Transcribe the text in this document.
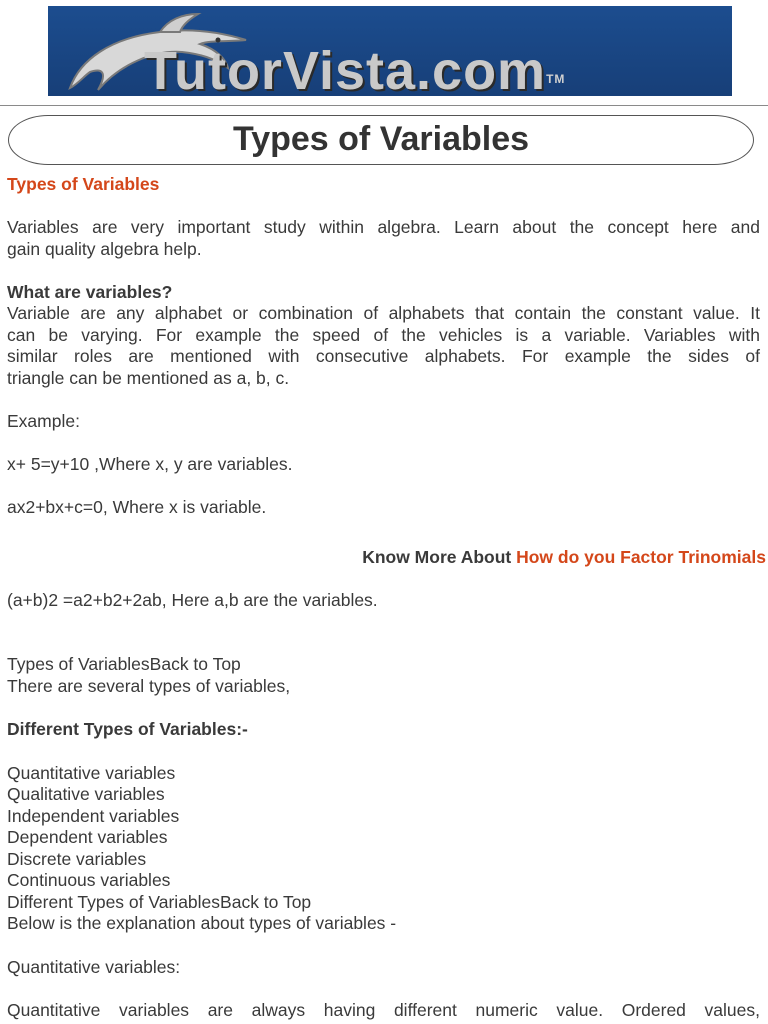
TutorVista.com™
Types of Variables
Types of Variables
Variables are very important study within algebra. Learn about the concept here and
gain quality algebra help.
What are variables?
Variable are any alphabet or combination of alphabets that contain the constant value. It
can be varying. For example the speed of the vehicles is a variable. Variables with
similar roles are mentioned with consecutive alphabets. For example the sides of
triangle can be mentioned as a, b, c.
Example:
x+ 5=y+10 ,Where x, y are variables.
ax2+bx+c=0, Where x is variable.
Know More About How do you Factor Trinomials
(a+b)2 =a2+b2+2ab, Here a,b are the variables.
Types of VariablesBack to Top
There are several types of variables,
Different Types of Variables:-
Quantitative variables
Qualitative variables
Independent variables
Dependent variables
Discrete variables
Continuous variables
Different Types of VariablesBack to Top
Below is the explanation about types of variables -
Quantitative variables:
Quantitative variables are always having different numeric value. Ordered values,
